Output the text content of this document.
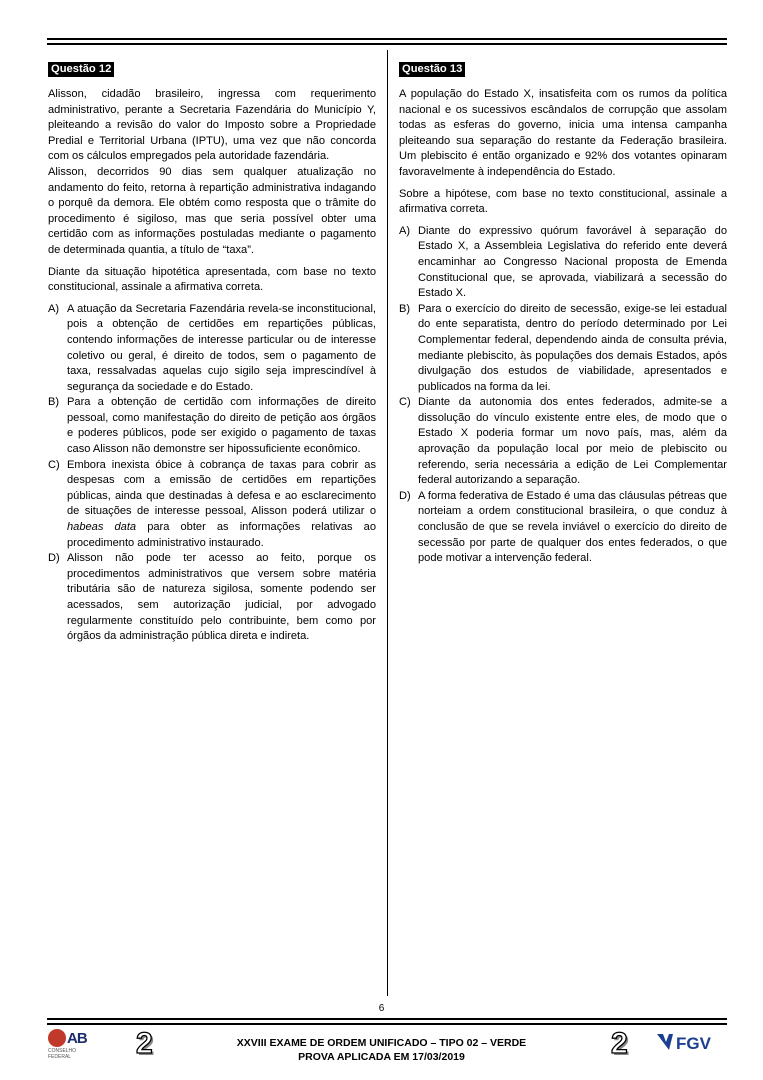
Questão 12

Alisson, cidadão brasileiro, ingressa com requerimento administrativo, perante a Secretaria Fazendária do Município Y, pleiteando a revisão do valor do Imposto sobre a Propriedade Predial e Territorial Urbana (IPTU), uma vez que não concorda com os cálculos empregados pela autoridade fazendária.

Alisson, decorridos 90 dias sem qualquer atualização no andamento do feito, retorna à repartição administrativa indagando o porquê da demora. Ele obtém como resposta que o trâmite do procedimento é sigiloso, mas que seria possível obter uma certidão com as informações postuladas mediante o pagamento de determinada quantia, a título de “taxa”.

Diante da situação hipotética apresentada, com base no texto constitucional, assinale a afirmativa correta.

A) A atuação da Secretaria Fazendária revela-se inconstitucional, pois a obtenção de certidões em repartições públicas, contendo informações de interesse particular ou de interesse coletivo ou geral, é direito de todos, sem o pagamento de taxa, ressalvadas aquelas cujo sigilo seja imprescindível à segurança da sociedade e do Estado.
B) Para a obtenção de certidão com informações de direito pessoal, como manifestação do direito de petição aos órgãos e poderes públicos, pode ser exigido o pagamento de taxas caso Alisson não demonstre ser hipossuficiente econômico.
C) Embora inexista óbice à cobrança de taxas para cobrir as despesas com a emissão de certidões em repartições públicas, ainda que destinadas à defesa e ao esclarecimento de situações de interesse pessoal, Alisson poderá utilizar o habeas data para obter as informações relativas ao procedimento administrativo instaurado.
D) Alisson não pode ter acesso ao feito, porque os procedimentos administrativos que versem sobre matéria tributária são de natureza sigilosa, somente podendo ser acessados, sem autorização judicial, por advogado regularmente constituído pelo contribuinte, bem como por órgãos da administração pública direta e indireta.
Questão 13

A população do Estado X, insatisfeita com os rumos da política nacional e os sucessivos escândalos de corrupção que assolam todas as esferas do governo, inicia uma intensa campanha pleiteando sua separação do restante da Federação brasileira. Um plebiscito é então organizado e 92% dos votantes opinaram favoravelmente à independência do Estado.

Sobre a hipótese, com base no texto constitucional, assinale a afirmativa correta.

A) Diante do expressivo quórum favorável à separação do Estado X, a Assembleia Legislativa do referido ente deverá encaminhar ao Congresso Nacional proposta de Emenda Constitucional que, se aprovada, viabilizará a secessão do Estado X.
B) Para o exercício do direito de secessão, exige-se lei estadual do ente separatista, dentro do período determinado por Lei Complementar federal, dependendo ainda de consulta prévia, mediante plebiscito, às populações dos demais Estados, após divulgação dos estudos de viabilidade, apresentados e publicados na forma da lei.
C) Diante da autonomia dos entes federados, admite-se a dissolução do vínculo existente entre eles, de modo que o Estado X poderia formar um novo país, mas, além da aprovação da população local por meio de plebiscito ou referendo, seria necessária a edição de Lei Complementar federal autorizando a separação.
D) A forma federativa de Estado é uma das cláusulas pétreas que norteiam a ordem constitucional brasileira, o que conduz à conclusão de que se revela inviável o exercício do direito de secessão por parte de qualquer dos entes federados, o que pode motivar a intervenção federal.
6
AB
CONSELHO FEDERAL	2	XXVIII EXAME DE ORDEM UNIFICADO – TIPO 02 – VERDE
PROVA APLICADA EM 17/03/2019	2	FGV
